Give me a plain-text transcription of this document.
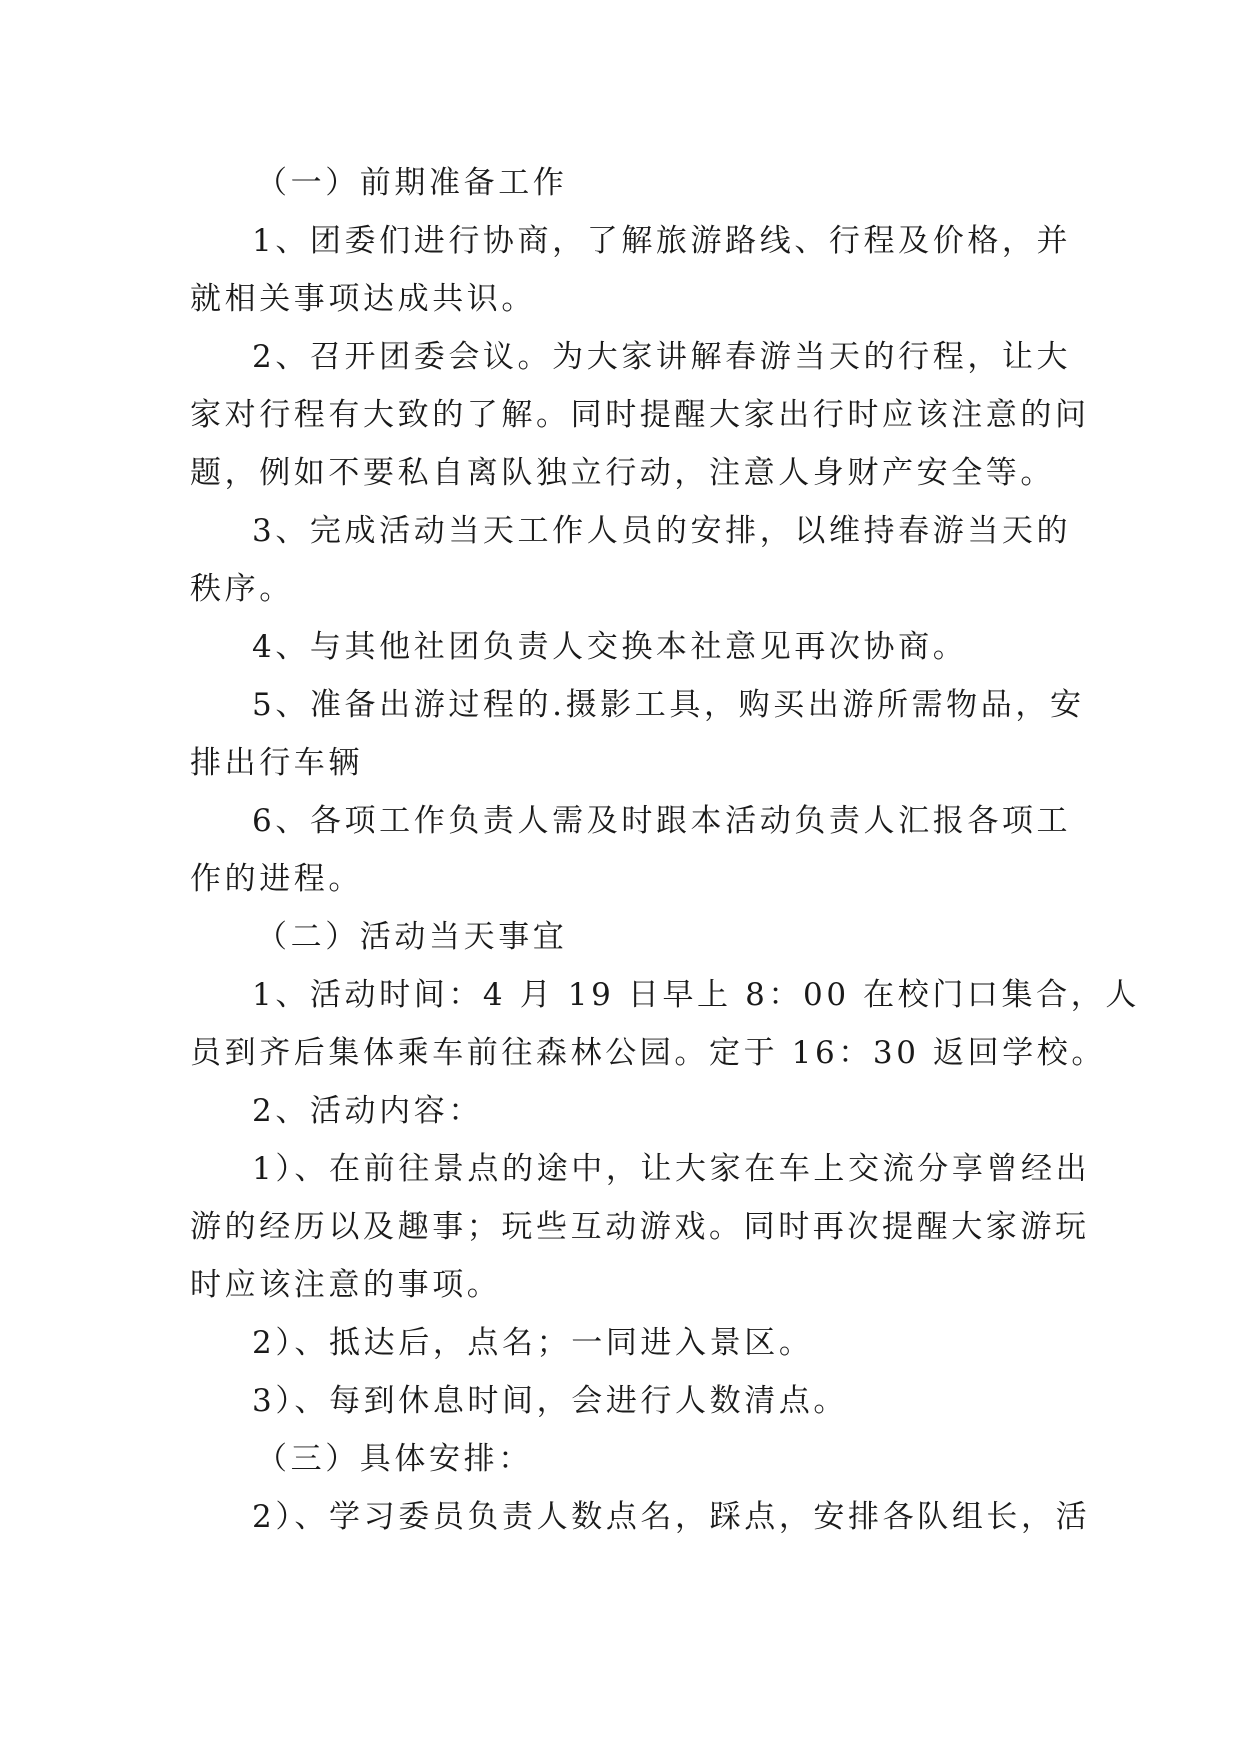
（一）前期准备工作
1、团委们进行协商，了解旅游路线、行程及价格，并
就相关事项达成共识。
2、召开团委会议。为大家讲解春游当天的行程，让大
家对行程有大致的了解。同时提醒大家出行时应该注意的问
题，例如不要私自离队独立行动，注意人身财产安全等。
3、完成活动当天工作人员的安排，以维持春游当天的
秩序。
4、与其他社团负责人交换本社意见再次协商。
5、准备出游过程的.摄影工具，购买出游所需物品，安
排出行车辆
6、各项工作负责人需及时跟本活动负责人汇报各项工
作的进程。
（二）活动当天事宜
1、活动时间：4 月 19 日早上 8：00 在校门口集合，人
员到齐后集体乘车前往森林公园。定于 16：30 返回学校。
2、活动内容：
1）、在前往景点的途中，让大家在车上交流分享曾经出
游的经历以及趣事；玩些互动游戏。同时再次提醒大家游玩
时应该注意的事项。
2）、抵达后，点名；一同进入景区。
3）、每到休息时间，会进行人数清点。
（三）具体安排：
2）、学习委员负责人数点名，踩点，安排各队组长，活
